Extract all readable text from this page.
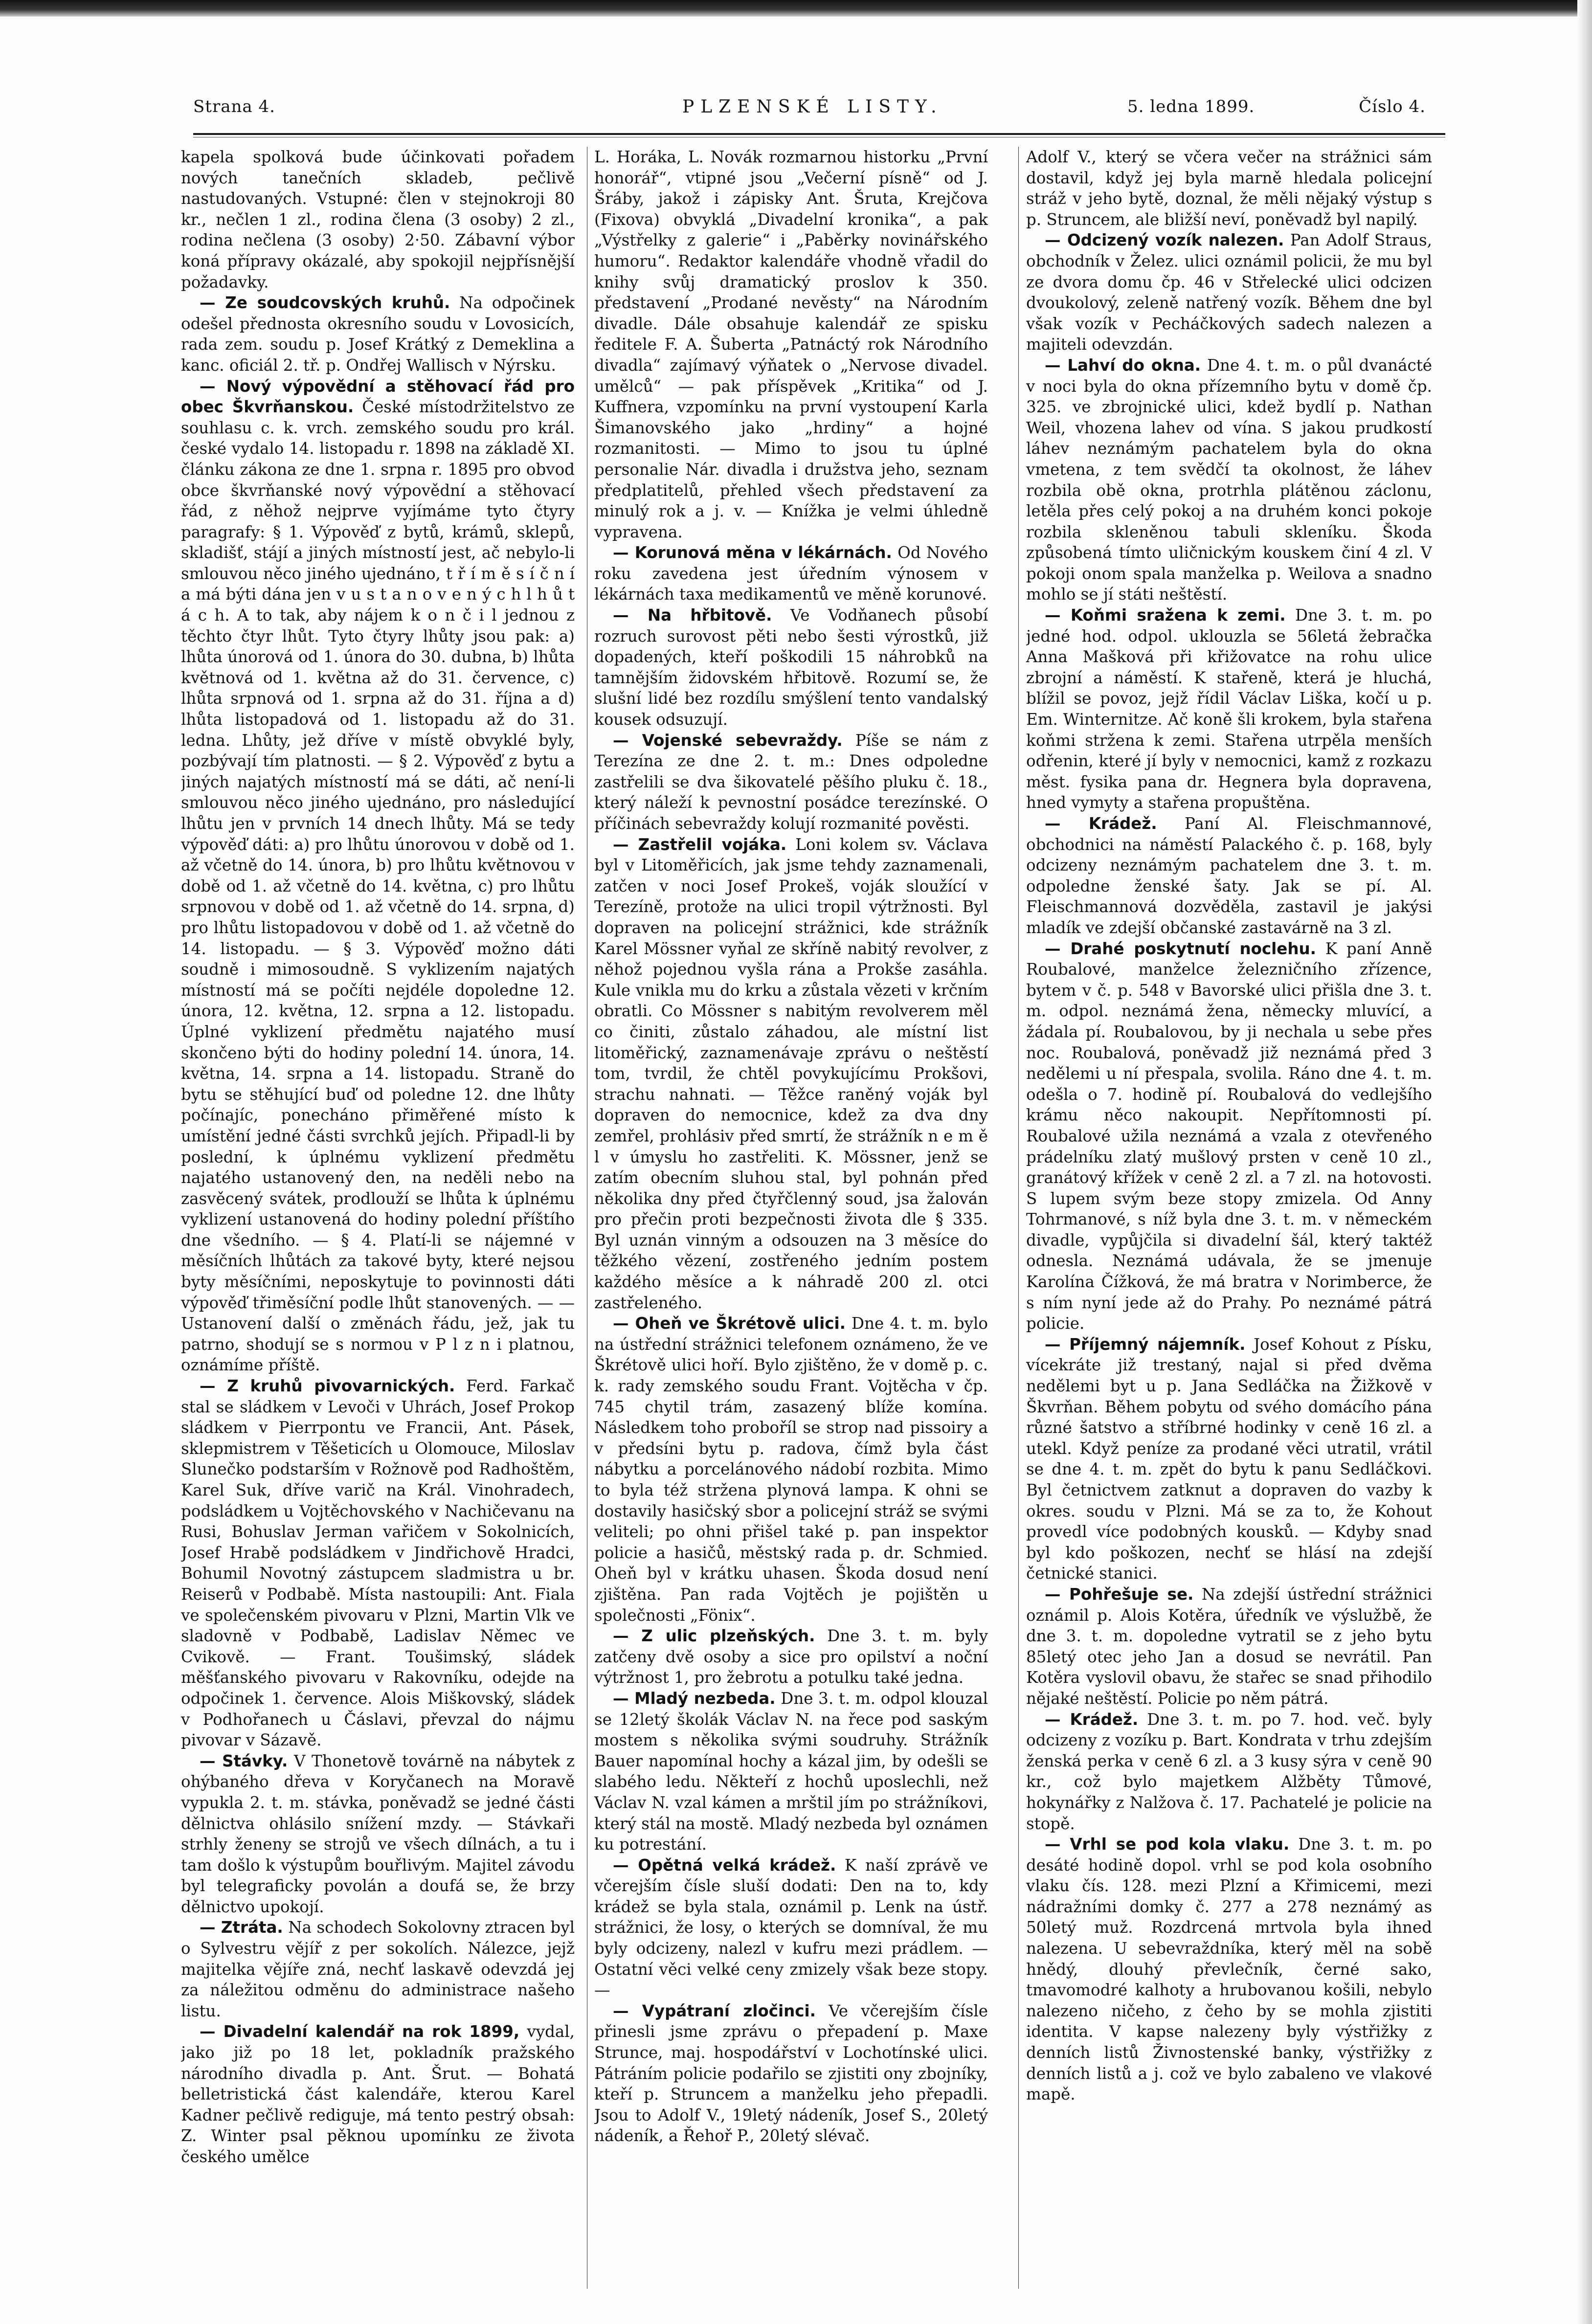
Strana 4.	PLZENSKÉ LISTY.	5. ledna 1899.	Číslo 4.

kapela spolková bude účinkovati pořadem nových tanečních skladeb, pečlivě nastudovaných. Vstupné: člen v stejnokroji 80 kr., nečlen 1 zl., rodina člena (3 osoby) 2 zl., rodina nečlena (3 osoby) 2·50. Zábavní výbor koná přípravy okázalé, aby spokojil nejpřísnější požadavky.

— Ze soudcovských kruhů. Na odpočinek odešel přednosta okresního soudu v Lovosicích, rada zem. soudu p. Josef Krátký z Demeklina a kanc. oficiál 2. tř. p. Ondřej Wallisch v Nýrsku.

— Nový výpovědní a stěhovací řád pro obec Škvrňanskou. České místodržitelstvo ze souhlasu c. k. vrch. zemského soudu pro král. české vydalo 14. listopadu r. 1898 na základě XI. článku zákona ze dne 1. srpna r. 1895 pro obvod obce škvrňanské nový výpovědní a stěhovací řád, z něhož nejprve vyjímáme tyto čtyry paragrafy: § 1. Výpověď z bytů, krámů, sklepů, skladišť, stájí a jiných místností jest, ač nebylo-li smlouvou něco jiného ujednáno, t ř í m ě s í č n í a má býti dána jen v u s t a n o v e n ý c h l h ů t á c h. A to tak, aby nájem k o n č i l jednou z těchto čtyr lhůt. Tyto čtyry lhůty jsou pak: a) lhůta únorová od 1. února do 30. dubna, b) lhůta květnová od 1. května až do 31. července, c) lhůta srpnová od 1. srpna až do 31. října a d) lhůta listopadová od 1. listopadu až do 31. ledna. Lhůty, jež dříve v místě obvyklé byly, pozbývají tím platnosti. — § 2. Výpověď z bytu a jiných najatých místností má se dáti, ač není-li smlouvou něco jiného ujednáno, pro následující lhůtu jen v prvních 14 dnech lhůty. Má se tedy výpověď dáti: a) pro lhůtu únorovou v době od 1. až včetně do 14. února, b) pro lhůtu květnovou v době od 1. až včetně do 14. května, c) pro lhůtu srpnovou v době od 1. až včetně do 14. srpna, d) pro lhůtu listopadovou v době od 1. až včetně do 14. listopadu. — § 3. Výpověď možno dáti soudně i mimosoudně. S vyklizením najatých místností má se počíti nejdéle dopoledne 12. února, 12. května, 12. srpna a 12. listopadu. Úplné vyklizení předmětu najatého musí skončeno býti do hodiny polední 14. února, 14. května, 14. srpna a 14. listopadu. Straně do bytu se stěhující buď od poledne 12. dne lhůty počínajíc, ponecháno přiměřené místo k umístění jedné části svrchků jejích. Připadl-li by poslední, k úplnému vyklizení předmětu najatého ustanovený den, na neděli nebo na zasvěcený svátek, prodlouží se lhůta k úplnému vyklizení ustanovená do hodiny polední příštího dne všedního. — § 4. Platí-li se nájemné v měsíčních lhůtách za takové byty, které nejsou byty měsíčními, neposkytuje to povinnosti dáti výpověď třiměsíční podle lhůt stanovených. — — Ustanovení další o změnách řádu, jež, jak tu patrno, shodují se s normou v P l z n i platnou, oznámíme příště.

— Z kruhů pivovarnických. Ferd. Farkač stal se sládkem v Levoči v Uhrách, Josef Prokop sládkem v Pierrpontu ve Francii, Ant. Pásek, sklepmistrem v Těšeticích u Olomouce, Miloslav Slunečko podstarším v Rožnově pod Radhoštěm, Karel Suk, dříve varič na Král. Vinohradech, podsládkem u Vojtěchovského v Nachičevanu na Rusi, Bohuslav Jerman vařičem v Sokolnicích, Josef Hrabě podsládkem v Jindřichově Hradci, Bohumil Novotný zástupcem sladmistra u br. Reiserů v Podbabě. Místa nastoupili: Ant. Fiala ve společenském pivovaru v Plzni, Martin Vlk ve sladovně v Podbabě, Ladislav Němec ve Cvikově. — Frant. Toušimský, sládek měšťanského pivovaru v Rakovníku, odejde na odpočinek 1. července. Alois Miškovský, sládek v Podhořanech u Čáslavi, převzal do nájmu pivovar v Sázavě.

— Stávky. V Thonetově továrně na nábytek z ohýbaného dřeva v Koryčanech na Moravě vypukla 2. t. m. stávka, poněvadž se jedné části dělnictva ohlásilo snížení mzdy. — Stávkaři strhly ženeny se strojů ve všech dílnách, a tu i tam došlo k výstupům bouřlivým. Majitel závodu byl telegraficky povolán a doufá se, že brzy dělnictvo upokojí.

— Ztráta. Na schodech Sokolovny ztracen byl o Sylvestru vějíř z per sokolích. Nálezce, jejž majitelka vějíře zná, nechť laskavě odevzdá jej za náležitou odměnu do administrace našeho listu.

— Divadelní kalendář na rok 1899, vydal, jako již po 18 let, pokladník pražského národního divadla p. Ant. Šrut. — Bohatá belletristická část kalendáře, kterou Karel Kadner pečlivě rediguje, má tento pestrý obsah: Z. Winter psal pěknou upomínku ze života českého umělce

L. Horáka, L. Novák rozmarnou historku „První honorář“, vtipné jsou „Večerní písně“ od J. Šráby, jakož i zápisky Ant. Šruta, Krejčova (Fixova) obvyklá „Divadelní kronika“, a pak „Výstřelky z galerie“ i „Paběrky novinářského humoru“. Redaktor kalendáře vhodně vřadil do knihy svůj dramatický proslov k 350. představení „Prodané nevěsty“ na Národním divadle. Dále obsahuje kalendář ze spisku ředitele F. A. Šuberta „Patnáctý rok Národního divadla“ zajímavý výňatek o „Nervose divadel. umělců“ — pak příspěvek „Kritika“ od J. Kuffnera, vzpomínku na první vystoupení Karla Šimanovského jako „hrdiny“ a hojné rozmanitosti. — Mimo to jsou tu úplné personalie Nár. divadla i družstva jeho, seznam předplatitelů, přehled všech představení za minulý rok a j. v. — Knížka je velmi úhledně vypravena.

— Korunová měna v lékárnách. Od Nového roku zavedena jest úředním výnosem v lékárnách taxa medikamentů ve měně korunové.

— Na hřbitově. Ve Vodňanech působí rozruch surovost pěti nebo šesti výrostků, již dopadených, kteří poškodili 15 náhrobků na tamnějším židovském hřbitově. Rozumí se, že slušní lidé bez rozdílu smýšlení tento vandalský kousek odsuzují.

— Vojenské sebevraždy. Píše se nám z Terezína ze dne 2. t. m.: Dnes odpoledne zastřelili se dva šikovatelé pěšího pluku č. 18., který náleží k pevnostní posádce terezínské. O příčinách sebevraždy kolují rozmanité pověsti.

— Zastřelil vojáka. Loni kolem sv. Václava byl v Litoměřicích, jak jsme tehdy zaznamenali, zatčen v noci Josef Prokeš, voják sloužící v Terezíně, protože na ulici tropil výtržnosti. Byl dopraven na policejní strážnici, kde strážník Karel Mössner vyňal ze skříně nabitý revolver, z něhož pojednou vyšla rána a Prokše zasáhla. Kule vnikla mu do krku a zůstala vězeti v krčním obratli. Co Mössner s nabitým revolverem měl co činiti, zůstalo záhadou, ale místní list litoměřický, zaznamenávaje zprávu o neštěstí tom, tvrdil, že chtěl povykujícímu Prokšovi, strachu nahnati. — Těžce raněný voják byl dopraven do nemocnice, kdež za dva dny zemřel, prohlásiv před smrtí, že strážník n e m ě l v úmyslu ho zastřeliti. K. Mössner, jenž se zatím obecním sluhou stal, byl pohnán před několika dny před čtyřčlenný soud, jsa žalován pro přečin proti bezpečnosti života dle § 335. Byl uznán vinným a odsouzen na 3 měsíce do těžkého vězení, zostřeného jedním postem každého měsíce a k náhradě 200 zl. otci zastřeleného.

— Oheň ve Škrétově ulici. Dne 4. t. m. bylo na ústřední strážnici telefonem oznámeno, že ve Škrétově ulici hoří. Bylo zjištěno, že v domě p. c. k. rady zemského soudu Frant. Vojtěcha v čp. 745 chytil trám, zasazený blíže komína. Následkem toho proboříl se strop nad pissoiry a v předsíni bytu p. radova, čímž byla část nábytku a porcelánového nádobí rozbita. Mimo to byla též stržena plynová lampa. K ohni se dostavily hasičský sbor a policejní stráž se svými veliteli; po ohni přišel také p. pan inspektor policie a hasičů, městský rada p. dr. Schmied. Oheň byl v krátku uhasen. Škoda dosud není zjištěna. Pan rada Vojtěch je pojištěn u společnosti „Fönix“.

— Z ulic plzeňských. Dne 3. t. m. byly zatčeny dvě osoby a sice pro opilství a noční výtržnost 1, pro žebrotu a potulku také jedna.

— Mladý nezbeda. Dne 3. t. m. odpol klouzal se 12letý školák Václav N. na řece pod saským mostem s několika svými soudruhy. Strážník Bauer napomínal hochy a kázal jim, by odešli se slabého ledu. Někteří z hochů uposlechli, než Václav N. vzal kámen a mrštil jím po strážníkovi, který stál na mostě. Mladý nezbeda byl oznámen ku potrestání.

— Opětná velká krádež. K naší zprávě ve včerejším čísle sluší dodati: Den na to, kdy krádež se byla stala, oznámil p. Lenk na ústř. strážnici, že losy, o kterých se domníval, že mu byly odcizeny, nalezl v kufru mezi prádlem. — Ostatní věci velké ceny zmizely však beze stopy. —

— Vypátraní zločinci. Ve včerejším čísle přinesli jsme zprávu o přepadení p. Maxe Strunce, maj. hospodářství v Lochotínské ulici. Pátráním policie podařilo se zjistiti ony zbojníky, kteří p. Struncem a manželku jeho přepadli. Jsou to Adolf V., 19letý nádeník, Josef S., 20letý nádeník, a Řehoř P., 20letý slévač.

Adolf V., který se včera večer na strážnici sám dostavil, když jej byla marně hledala policejní stráž v jeho bytě, doznal, že měli nějaký výstup s p. Struncem, ale bližší neví, poněvadž byl napilý.

— Odcizený vozík nalezen. Pan Adolf Straus, obchodník v Želez. ulici oznámil policii, že mu byl ze dvora domu čp. 46 v Střelecké ulici odcizen dvoukolový, zeleně natřený vozík. Během dne byl však vozík v Pecháčkových sadech nalezen a majiteli odevzdán.

— Lahví do okna. Dne 4. t. m. o půl dvanácté v noci byla do okna přízemního bytu v domě čp. 325. ve zbrojnické ulici, kdež bydlí p. Nathan Weil, vhozena lahev od vína. S jakou prudkostí láhev neznámým pachatelem byla do okna vmetena, z tem svědčí ta okolnost, že láhev rozbila obě okna, protrhla plátěnou záclonu, letěla přes celý pokoj a na druhém konci pokoje rozbila skleněnou tabuli skleníku. Škoda způsobená tímto uličnickým kouskem činí 4 zl. V pokoji onom spala manželka p. Weilova a snadno mohlo se jí státi neštěstí.

— Koňmi sražena k zemi. Dne 3. t. m. po jedné hod. odpol. uklouzla se 56letá žebračka Anna Mašková při křižovatce na rohu ulice zbrojní a náměstí. K stařeně, která je hluchá, blížil se povoz, jejž řídil Václav Liška, kočí u p. Em. Winternitze. Ač koně šli krokem, byla stařena koňmi stržena k zemi. Stařena utrpěla menších odřenin, které jí byly v nemocnici, kamž z rozkazu měst. fysika pana dr. Hegnera byla dopravena, hned vymyty a stařena propuštěna.

— Krádež. Paní Al. Fleischmannové, obchodnici na náměstí Palackého č. p. 168, byly odcizeny neznámým pachatelem dne 3. t. m. odpoledne ženské šaty. Jak se pí. Al. Fleischmannová dozvěděla, zastavil je jakýsi mladík ve zdejší občanské zastavárně na 3 zl.

— Drahé poskytnutí noclehu. K paní Anně Roubalové, manželce železničního zřízence, bytem v č. p. 548 v Bavorské ulici přišla dne 3. t. m. odpol. neznámá žena, německy mluvící, a žádala pí. Roubalovou, by ji nechala u sebe přes noc. Roubalová, poněvadž již neznámá před 3 nedělemi u ní přespala, svolila. Ráno dne 4. t. m. odešla o 7. hodině pí. Roubalová do vedlejšího krámu něco nakoupit. Nepřítomnosti pí. Roubalové užila neznámá a vzala z otevřeného prádelníku zlatý mušlový prsten v ceně 10 zl., granátový křížek v ceně 2 zl. a 7 zl. na hotovosti. S lupem svým beze stopy zmizela. Od Anny Tohrmanové, s níž byla dne 3. t. m. v německém divadle, vypůjčila si divadelní šál, který taktéž odnesla. Neznámá udávala, že se jmenuje Karolína Čížková, že má bratra v Norimberce, že s ním nyní jede až do Prahy. Po neznámé pátrá policie.

— Příjemný nájemník. Josef Kohout z Písku, vícekráte již trestaný, najal si před dvěma nedělemi byt u p. Jana Sedláčka na Žižkově v Škvrňan. Během pobytu od svého domácího pána různé šatstvo a stříbrné hodinky v ceně 16 zl. a utekl. Když peníze za prodané věci utratil, vrátil se dne 4. t. m. zpět do bytu k panu Sedláčkovi. Byl četnictvem zatknut a dopraven do vazby k okres. soudu v Plzni. Má se za to, že Kohout provedl více podobných kousků. — Kdyby snad byl kdo poškozen, nechť se hlásí na zdejší četnické stanici.

— Pohřešuje se. Na zdejší ústřední strážnici oznámil p. Alois Kotěra, úředník ve výslužbě, že dne 3. t. m. dopoledne vytratil se z jeho bytu 85letý otec jeho Jan a dosud se nevrátil. Pan Kotěra vyslovil obavu, že stařec se snad přihodilo nějaké neštěstí. Policie po něm pátrá.

— Krádež. Dne 3. t. m. po 7. hod. več. byly odcizeny z vozíku p. Bart. Kondrata v trhu zdejším ženská perka v ceně 6 zl. a 3 kusy sýra v ceně 90 kr., což bylo majetkem Alžběty Tůmové, hokynářky z Nalžova č. 17. Pachatelé je policie na stopě.

— Vrhl se pod kola vlaku. Dne 3. t. m. po desáté hodině dopol. vrhl se pod kola osobního vlaku čís. 128. mezi Plzní a Křimicemi, mezi nádražními domky č. 277 a 278 neznámý as 50letý muž. Rozdrcená mrtvola byla ihned nalezena. U sebevraždníka, který měl na sobě hnědý, dlouhý převlečník, černé sako, tmavomodré kalhoty a hrubovanou košili, nebylo nalezeno ničeho, z čeho by se mohla zjistiti identita. V kapse nalezeny byly výstřižky z denních listů Živnostenské banky, výstřižky z denních listů a j. což ve bylo zabaleno ve vlakové mapě.
